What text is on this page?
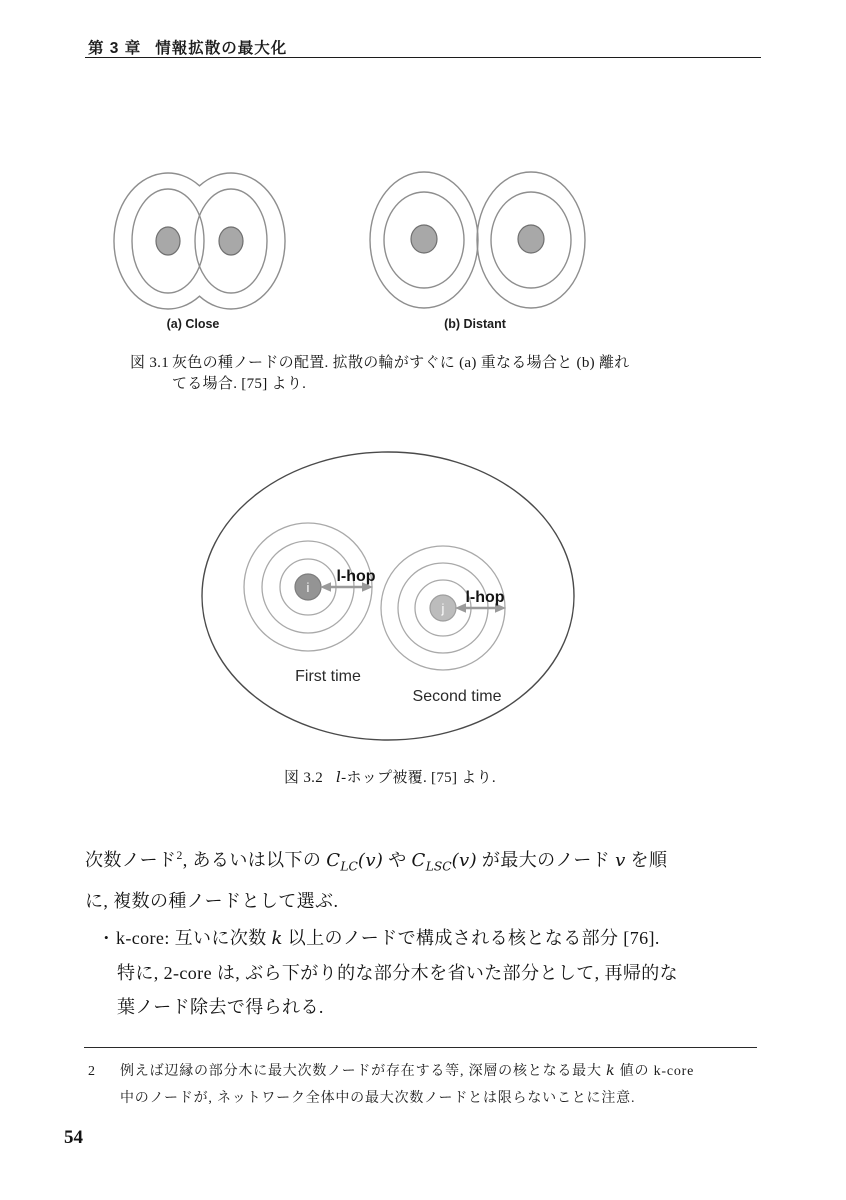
第 3 章 情報拡散の最大化
(a) Close	(b) Distant
図 3.1 灰色の種ノードの配置. 拡散の輪がすぐに (a) 重なる場合と (b) 離れ
てる場合. [75] より.
i
l-hop
First time
j
l-hop
Second time
図 3.2 l-ホップ被覆. [75] より.
次数ノード$^2$, あるいは以下の $C_{LC}(v)$ や $C_{LSC}(v)$ が最大のノード v を順
に, 複数の種ノードとして選ぶ.
• k-core: 互いに次数 k 以上のノードで構成される核となる部分 [76].
特に, 2-core は, ぶら下がり的な部分木を省いた部分として, 再帰的な
葉ノード除去で得られる.
2 例えば辺縁の部分木に最大次数ノードが存在する等, 深層の核となる最大 k 値の k-core
中のノードが, ネットワーク全体中の最大次数ノードとは限らないことに注意.
54
